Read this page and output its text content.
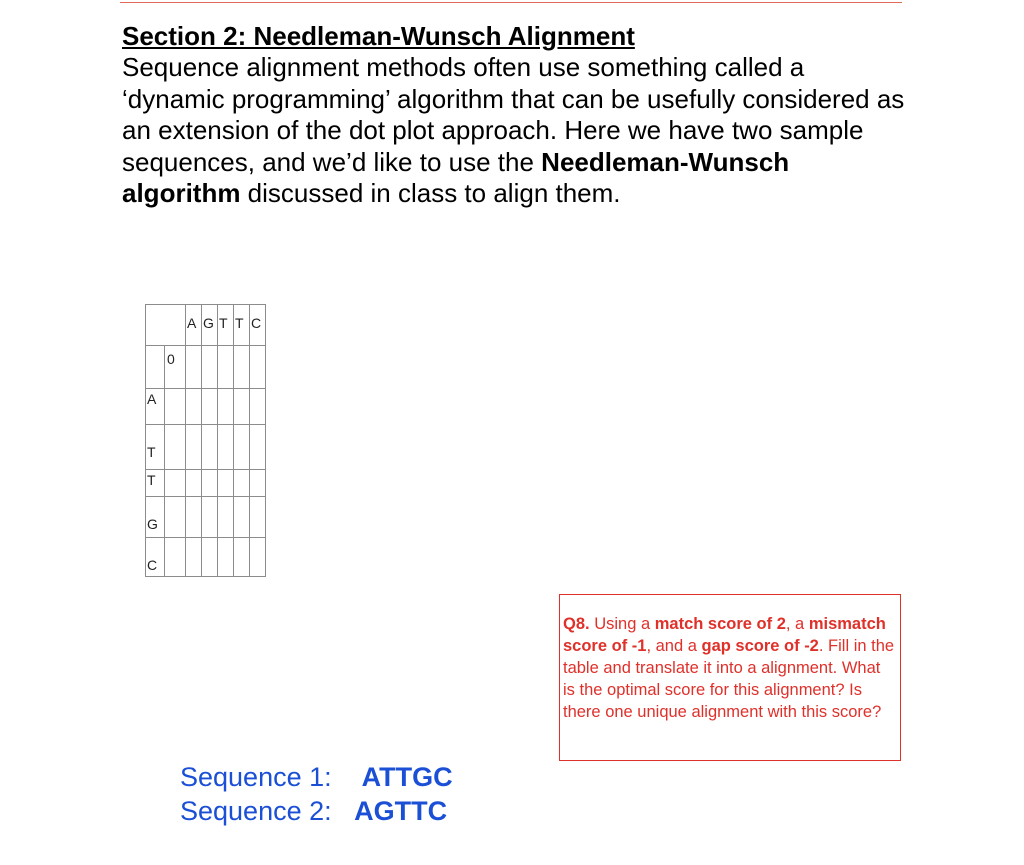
Section 2: Needleman-Wunsch Alignment

Sequence alignment methods often use something called a ‘dynamic programming’ algorithm that can be usefully considered as an extension of the dot plot approach. Here we have two sample sequences, and we’d like to use the Needleman-Wunsch algorithm discussed in class to align them.

		A	G	T	T	C
	0					
A						
T						
T						
G						
C						
Q8. Using a match score of 2, a mismatch score of -1, and a gap score of -2. Fill in the table and translate it into a alignment. What is the optimal score for this alignment? Is there one unique alignment with this score?
Sequence 1: ATTGC
Sequence 2: AGTTC
